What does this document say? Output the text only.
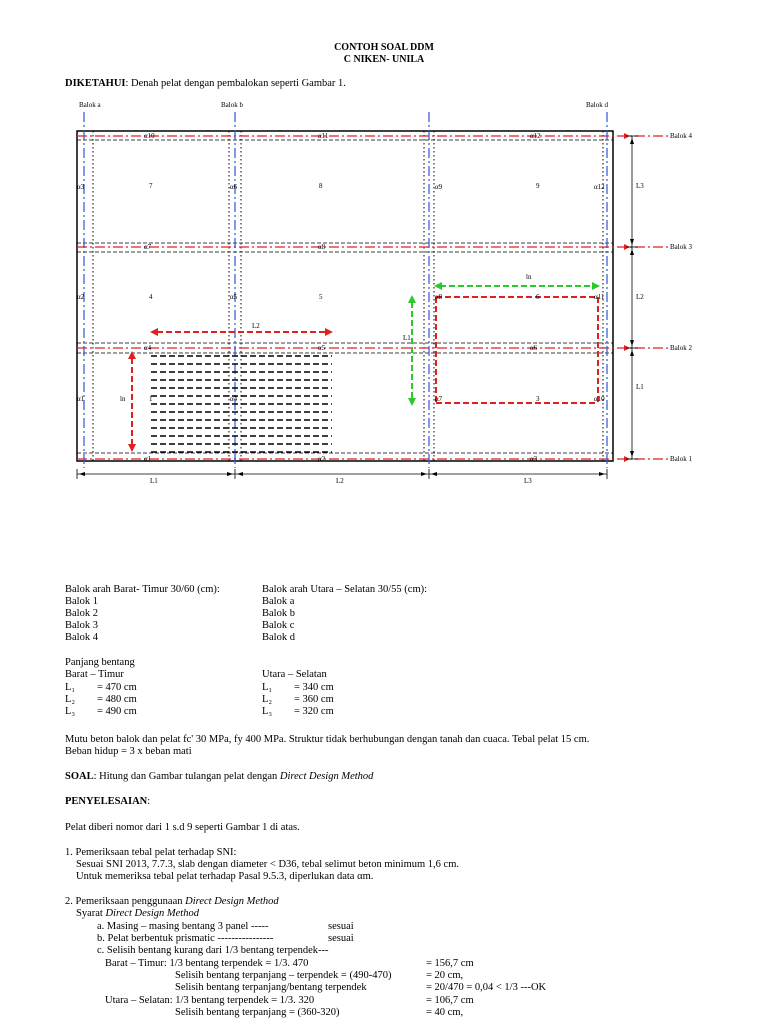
CONTOH SOAL DDM
C NIKEN- UNILA
DIKETAHUI: Denah pelat dengan pembalokan seperti Gambar 1.
Balok a	Balok b	Balok d
Balok 4
Balok 3
Balok 2
Balok 1
7	8	9
4	5	6
1	3
α10	α11	α12
α3	α6	α9	α12
α7	α8
α2	α5	α8	α11
α4	α5	α6
α1	α4	α7	α10
α1	α2	α3
L3
L2
L1
L1	L2	L3
L2
L1
ln
ln
Balok arah Barat- Timur 30/60 (cm):
Balok 1
Balok 2
Balok 3
Balok 4
Balok arah Utara – Selatan 30/55 (cm):
Balok a
Balok b
Balok c
Balok d
Panjang bentang
Barat – Timur	Utara – Selatan
L₁ = 470 cm
L₂ = 480 cm
L₃ = 490 cm
L₁ = 340 cm
L₂ = 360 cm
L₃ = 320 cm
Mutu beton balok dan pelat fc' 30 MPa, fy 400 MPa. Struktur tidak berhubungan dengan tanah dan cuaca. Tebal pelat 15 cm.
Beban hidup = 3 x beban mati
SOAL: Hitung dan Gambar tulangan pelat dengan Direct Design Method
PENYELESAIAN:
Pelat diberi nomor dari 1 s.d 9 seperti Gambar 1 di atas.
1. Pemeriksaan tebal pelat terhadap SNI:
Sesuai SNI 2013, 7.7.3, slab dengan diameter < D36, tebal selimut beton minimum 1,6 cm.
Untuk memeriksa tebal pelat terhadap Pasal 9.5.3, diperlukan data αm.
2. Pemeriksaan penggunaan Direct Design Method
Syarat Direct Design Method
a. Masing – masing bentang 3 panel -----	sesuai
b. Pelat berbentuk prismatic ----------------	sesuai
c. Selisih bentang kurang dari 1/3 bentang terpendek---
Barat – Timur: 1/3 bentang terpendek = 1/3. 470	= 156,7 cm
Selisih bentang terpanjang – terpendek = (490-470)	= 20 cm,
Selisih bentang terpanjang/bentang terpendek	= 20/470 = 0,04 < 1/3 ---OK
Utara – Selatan: 1/3 bentang terpendek = 1/3. 320	= 106,7 cm
Selisih bentang terpanjang = (360-320)	= 40 cm,
